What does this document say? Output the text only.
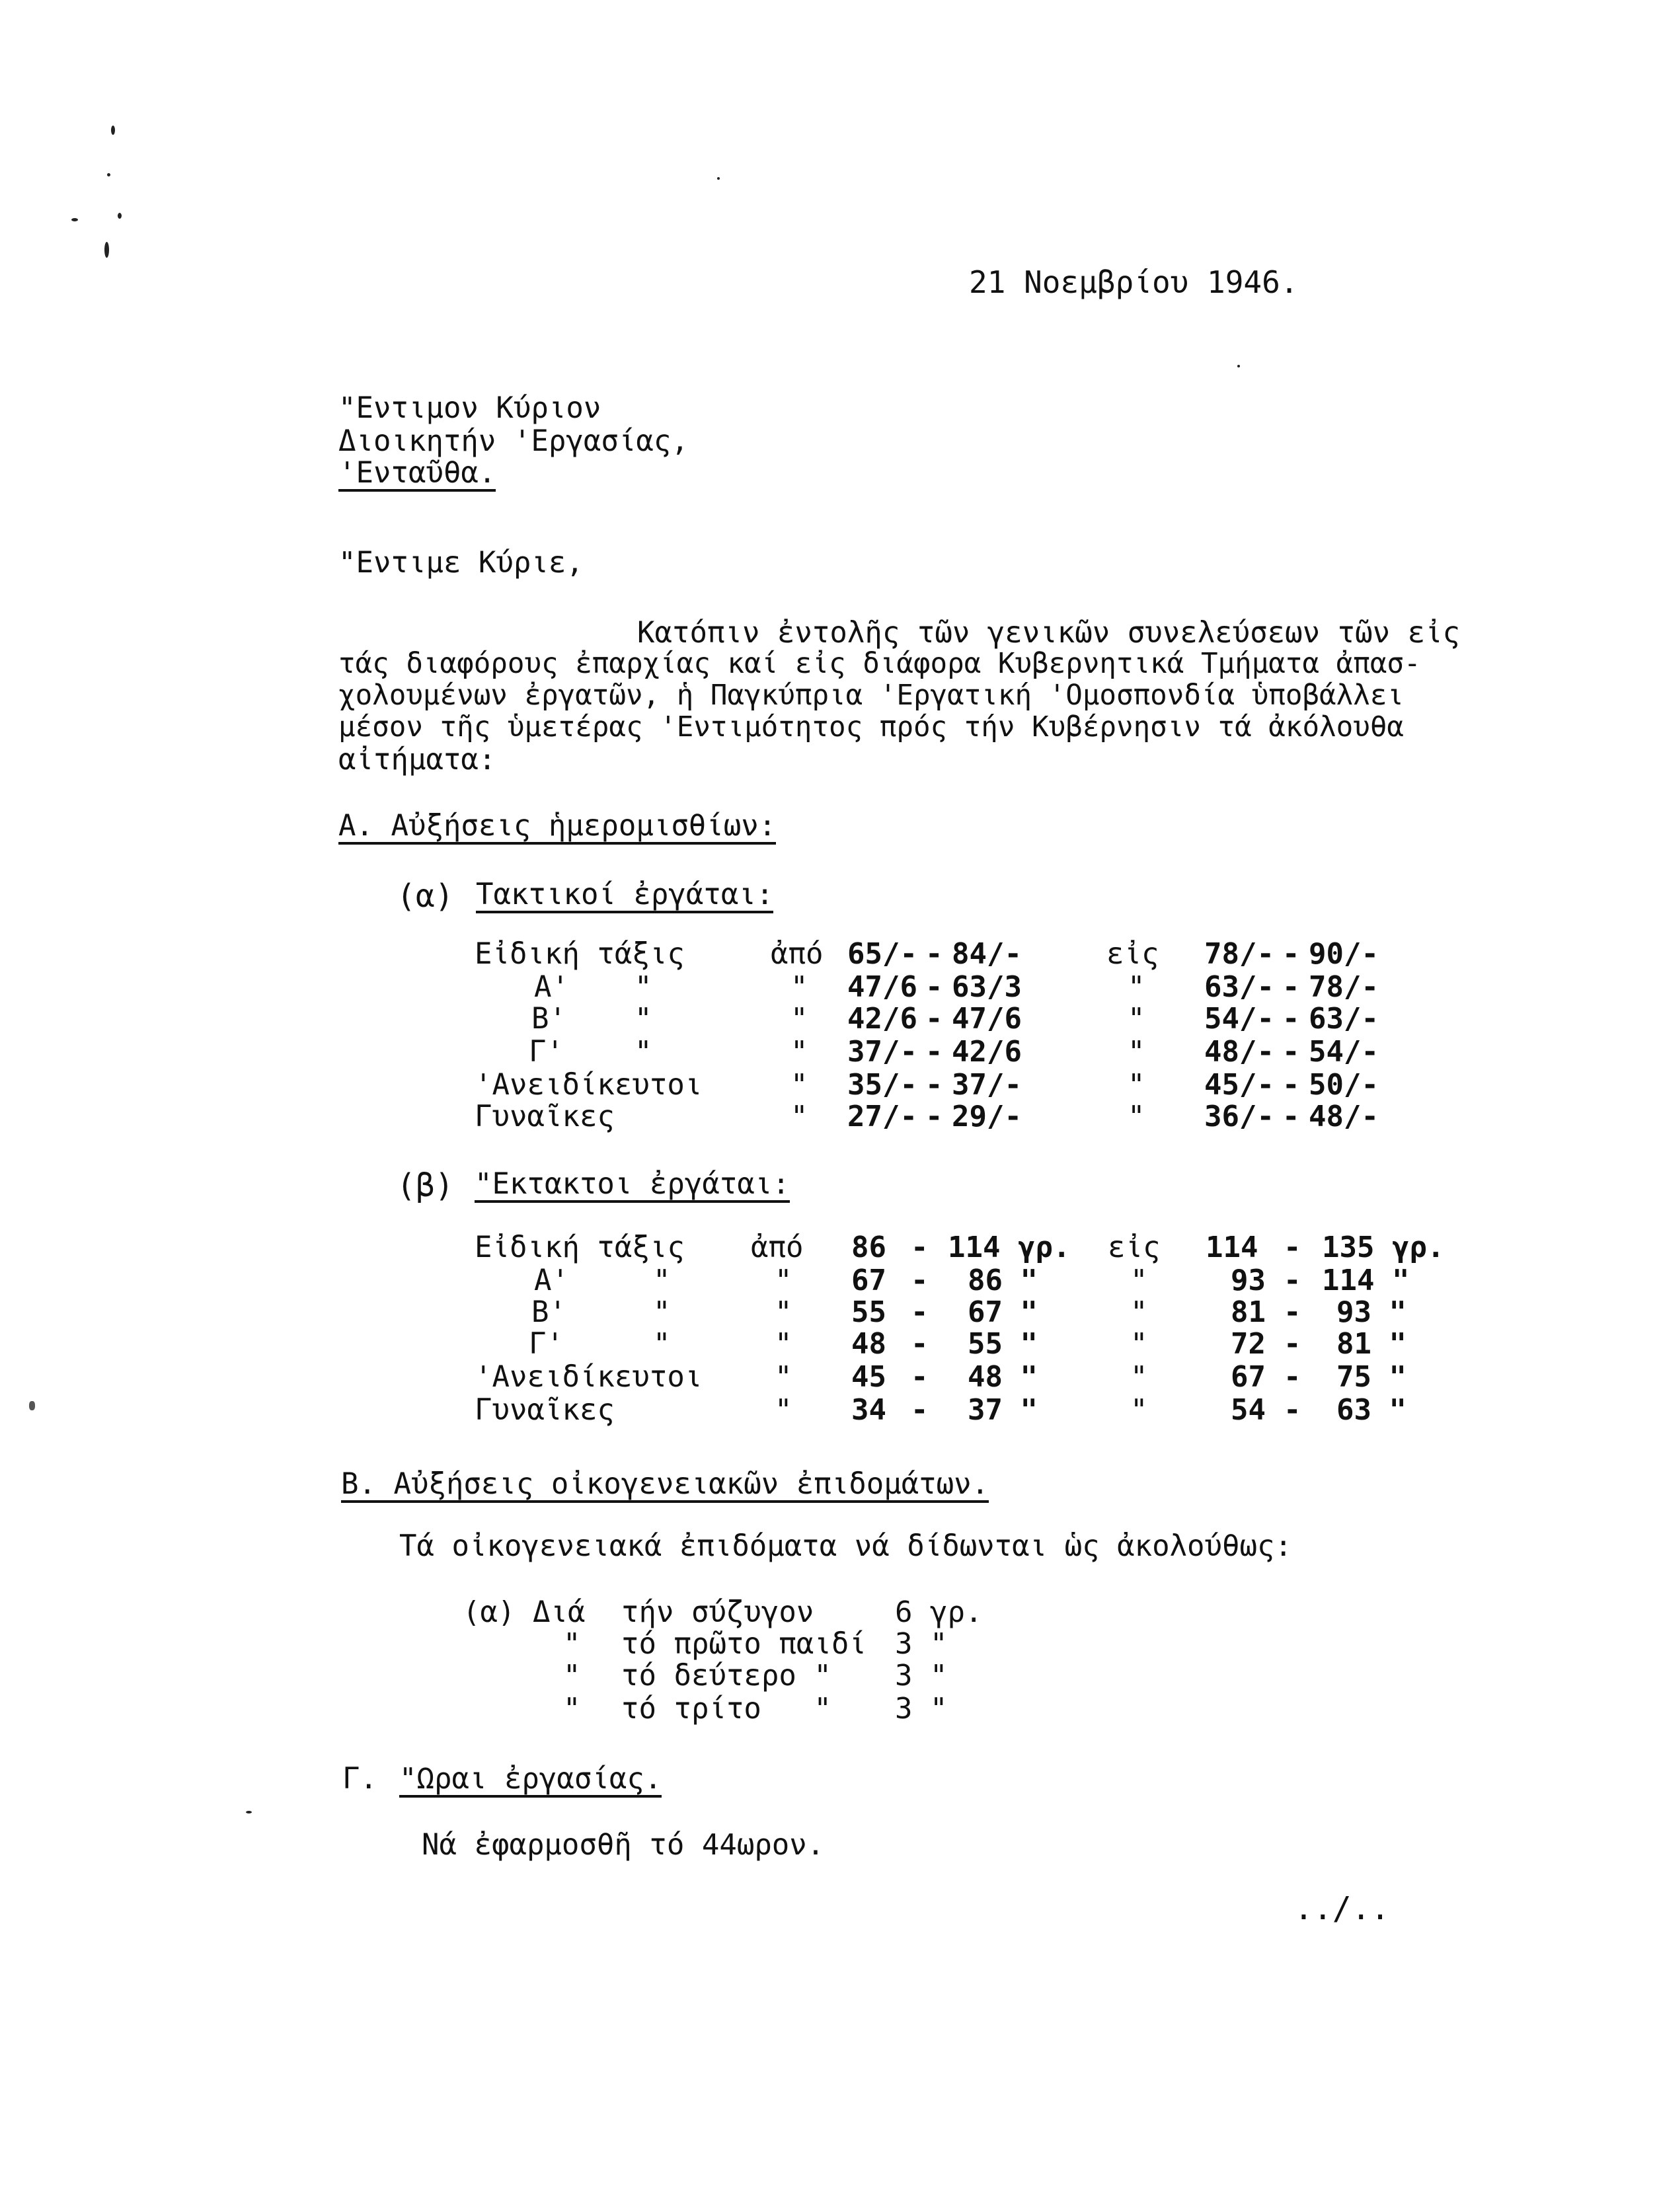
21 Νοεμβρίου 1946.
"Εντιμον Κύριον
Διοικητήν 'Εργασίας,
'Ενταῦθα.
"Εντιμε Κύριε,
Κατόπιν ἐντολῆς τῶν γενικῶν συνελεύσεων τῶν εἰς
τάς διαφόρους ἐπαρχίας καί εἰς διάφορα Κυβερνητικά Τμήματα ἀπασ-
χολουμένων ἐργατῶν, ἡ Παγκύπρια 'Εργατική 'Ομοσπονδία ὑποβάλλει
μέσον τῆς ὑμετέρας 'Εντιμότητος πρός τήν Κυβέρνησιν τά ἀκόλουθα
αἰτήματα:
Α. Αὐξήσεις ἡμερομισθίων:
(α) Τακτικοί ἐργάται:
Εἰδική τάξις	ἀπό 65/- - 84/-	εἰς 78/- - 90/-
Α' "	" 47/6 - 63/3	" 63/- - 78/-
Β' "	" 42/6 - 47/6	" 54/- - 63/-
Γ' "	" 37/- - 42/6	" 48/- - 54/-
'Ανειδίκευτοι	" 35/- - 37/-	" 45/- - 50/-
Γυναῖκες	" 27/- - 29/-	" 36/- - 48/-
(β) "Εκτακτοι ἐργάται:
Εἰδική τάξις ἀπό 86 - 114 γρ. εἰς 114 - 135 γρ.
Α'	"	" 67 - 86 "	"	93 - 114 "
Β'	"	" 55 - 67 "	"	81 - 93 "
Γ'	"	" 48 - 55 "	"	72 - 81 "
'Ανειδίκευτοι " 45 - 48 "	"	67 - 75 "
Γυναῖκες	" 34 - 37 "	"	54 - 63 "
Β. Αὐξήσεις οἰκογενειακῶν ἐπιδομάτων.
Τά οἰκογενειακά ἐπιδόματα νά δίδωνται ὡς ἀκολούθως:
(α) Διά τήν σύζυγον	6 γρ.
" τό πρῶτο παιδί 3 "
" τό δεύτερο " 3 "
" τό τρίτο   " 3 "
Γ. "Ωραι ἐργασίας.
Νά ἐφαρμοσθῆ τό 44ωρον.
../..
